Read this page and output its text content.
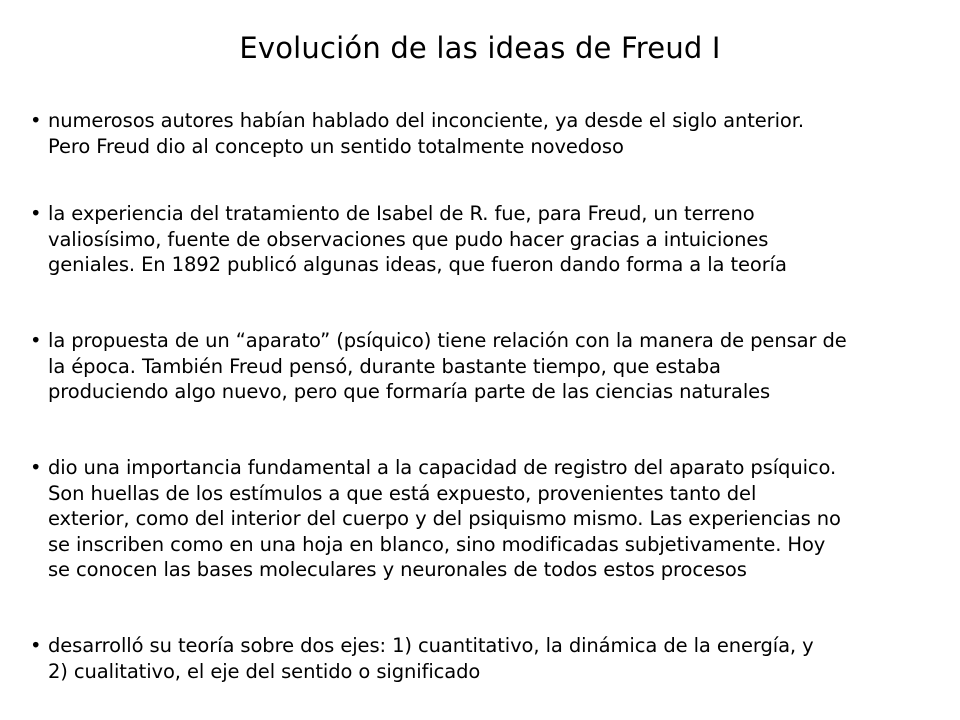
Evolución de las ideas de Freud I
• numerosos autores habían hablado del inconciente, ya desde el siglo anterior.
Pero Freud dio al concepto un sentido totalmente novedoso
• la experiencia del tratamiento de Isabel de R. fue, para Freud, un terreno
valiosísimo, fuente de observaciones que pudo hacer gracias a intuiciones
geniales. En 1892 publicó algunas ideas, que fueron dando forma a la teoría
• la propuesta de un “aparato” (psíquico) tiene relación con la manera de pensar de
la época. También Freud pensó, durante bastante tiempo, que estaba
produciendo algo nuevo, pero que formaría parte de las ciencias naturales
• dio una importancia fundamental a la capacidad de registro del aparato psíquico.
Son huellas de los estímulos a que está expuesto, provenientes tanto del
exterior, como del interior del cuerpo y del psiquismo mismo. Las experiencias no
se inscriben como en una hoja en blanco, sino modificadas subjetivamente. Hoy
se conocen las bases moleculares y neuronales de todos estos procesos
• desarrolló su teoría sobre dos ejes: 1) cuantitativo, la dinámica de la energía, y
2) cualitativo, el eje del sentido o significado
